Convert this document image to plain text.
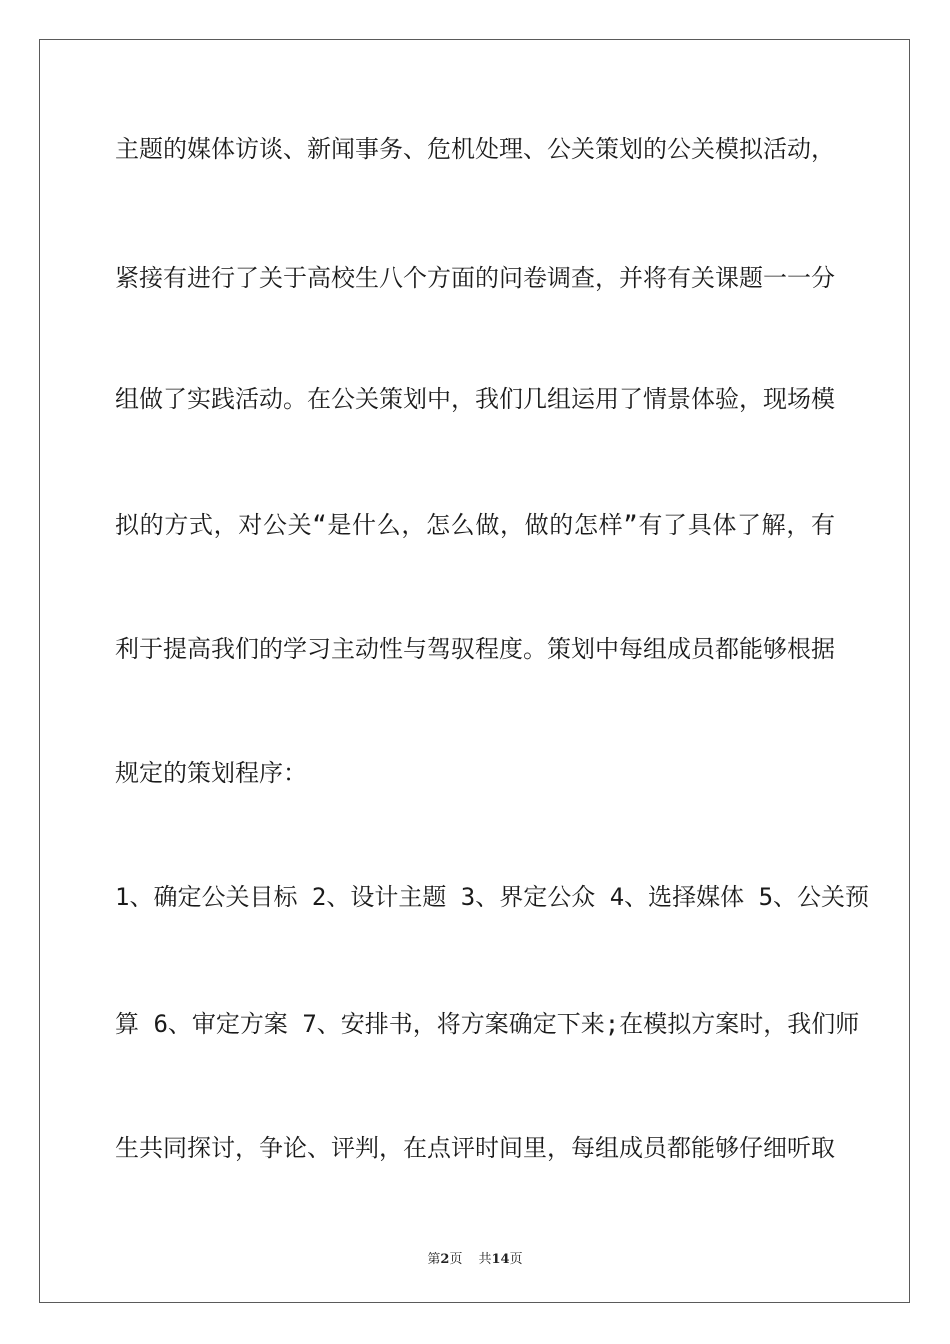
主题的媒体访谈、新闻事务、危机处理、公关策划的公关模拟活动，
紧接有进行了关于高校生八个方面的问卷调查，并将有关课题一一分
组做了实践活动。在公关策划中，我们几组运用了情景体验，现场模
拟的方式，对公关“是什么，怎么做，做的怎样”有了具体了解，有
利于提高我们的学习主动性与驾驭程度。策划中每组成员都能够根据
规定的策划程序：
1、确定公关目标 2、设计主题 3、界定公众 4、选择媒体 5、公关预
算 6、审定方案 7、安排书，将方案确定下来;在模拟方案时，我们师
生共同探讨，争论、评判，在点评时间里，每组成员都能够仔细听取
第2页 共14页
